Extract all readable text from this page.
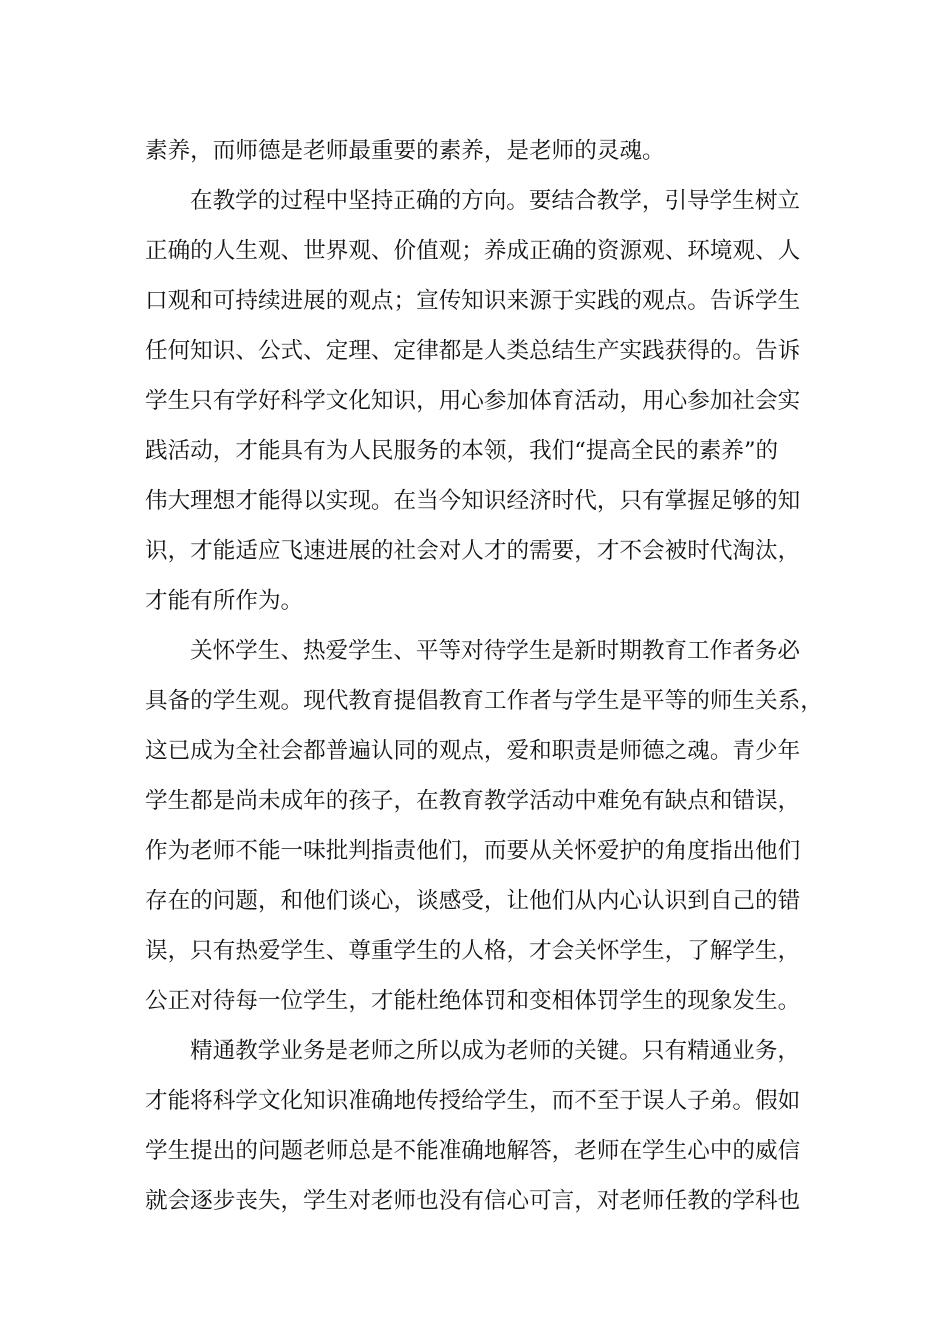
素养，而师德是老师最重要的素养，是老师的灵魂。
在教学的过程中坚持正确的方向。要结合教学，引导学生树立
正确的人生观、世界观、价值观；养成正确的资源观、环境观、人
口观和可持续进展的观点；宣传知识来源于实践的观点。告诉学生
任何知识、公式、定理、定律都是人类总结生产实践获得的。告诉
学生只有学好科学文化知识，用心参加体育活动，用心参加社会实
践活动，才能具有为人民服务的本领，我们“提高全民的素养”的
伟大理想才能得以实现。在当今知识经济时代，只有掌握足够的知
识，才能适应飞速进展的社会对人才的需要，才不会被时代淘汰，
才能有所作为。
关怀学生、热爱学生、平等对待学生是新时期教育工作者务必
具备的学生观。现代教育提倡教育工作者与学生是平等的师生关系，
这已成为全社会都普遍认同的观点，爱和职责是师德之魂。青少年
学生都是尚未成年的孩子，在教育教学活动中难免有缺点和错误，
作为老师不能一味批判指责他们，而要从关怀爱护的角度指出他们
存在的问题，和他们谈心，谈感受，让他们从内心认识到自己的错
误，只有热爱学生、尊重学生的人格，才会关怀学生，了解学生，
公正对待每一位学生，才能杜绝体罚和变相体罚学生的现象发生。
精通教学业务是老师之所以成为老师的关键。只有精通业务，
才能将科学文化知识准确地传授给学生，而不至于误人子弟。假如
学生提出的问题老师总是不能准确地解答，老师在学生心中的威信
就会逐步丧失，学生对老师也没有信心可言，对老师任教的学科也
